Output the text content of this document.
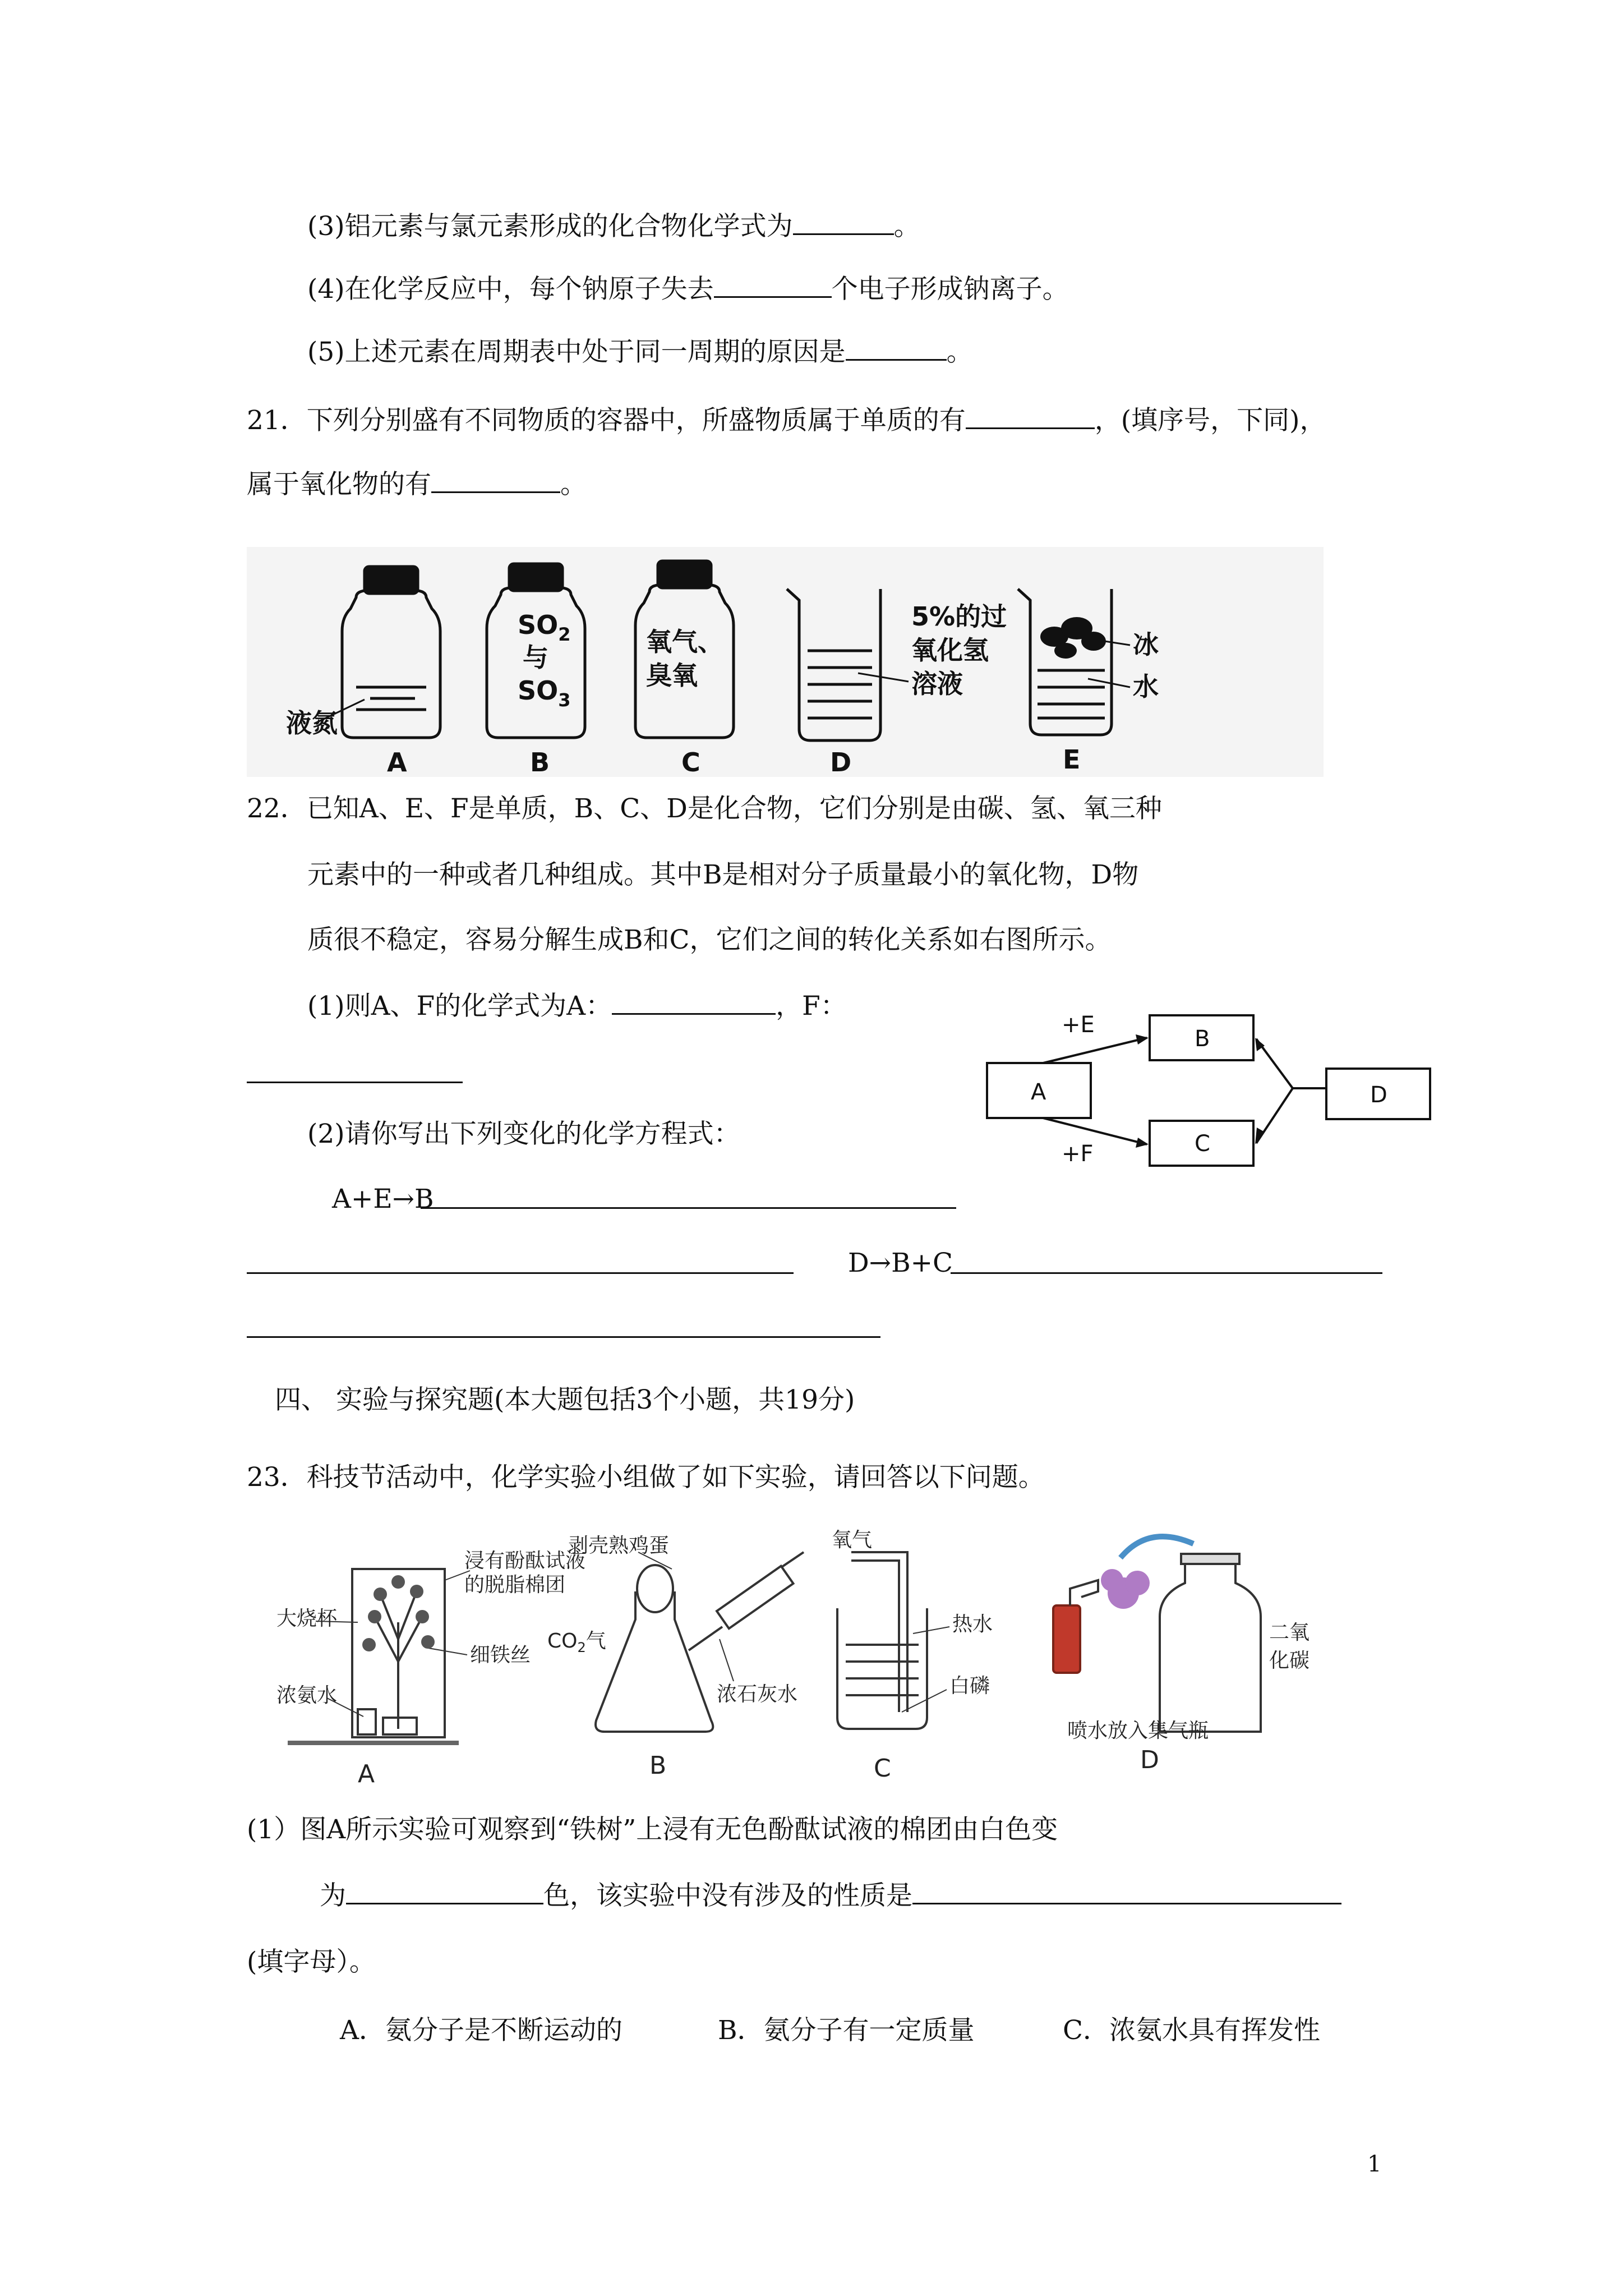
(3)铝元素与氯元素形成的化合物化学式为	。
(4)在化学反应中，每个钠原子失去	个电子形成钠离子。
(5)上述元素在周期表中处于同一周期的原因是	。
21．下列分别盛有不同物质的容器中，所盛物质属于单质的有	，(填序号，下同)，
属于氧化物的有	。
液氮
A
$SO_2$
与
$SO_3$
B
氧气、
臭氧
C
5%的过
氧化氢
溶液
D
冰
水
E
22．已知A、E、F是单质，B、C、D是化合物，它们分别是由碳、氢、氧三种
元素中的一种或者几种组成。其中B是相对分子质量最小的氧化物，D物
质很不稳定，容易分解生成B和C，它们之间的转化关系如右图所示。
(1)则A、F的化学式为A：	，F：
(2)请你写出下列变化的化学方程式：
A+E→B
D→B+C
A
B
C
D
+E
+F
四、 实验与探究题(本大题包括3个小题，共19分)
23．科技节活动中，化学实验小组做了如下实验，请回答以下问题。
大烧杯
浸有酚酞试液
的脱脂棉团
细铁丝
浓氨水
A
剥壳熟鸡蛋
$CO_2$气
浓石灰水
B
氧气
热水
白磷
C
二氧
化碳
喷水放入集气瓶
D
(1）图A所示实验可观察到“铁树”上浸有无色酚酞试液的棉团由白色变
为	色，该实验中没有涉及的性质是
(填字母）。
A．氨分子是不断运动的	B．氨分子有一定质量	C．浓氨水具有挥发性
1
